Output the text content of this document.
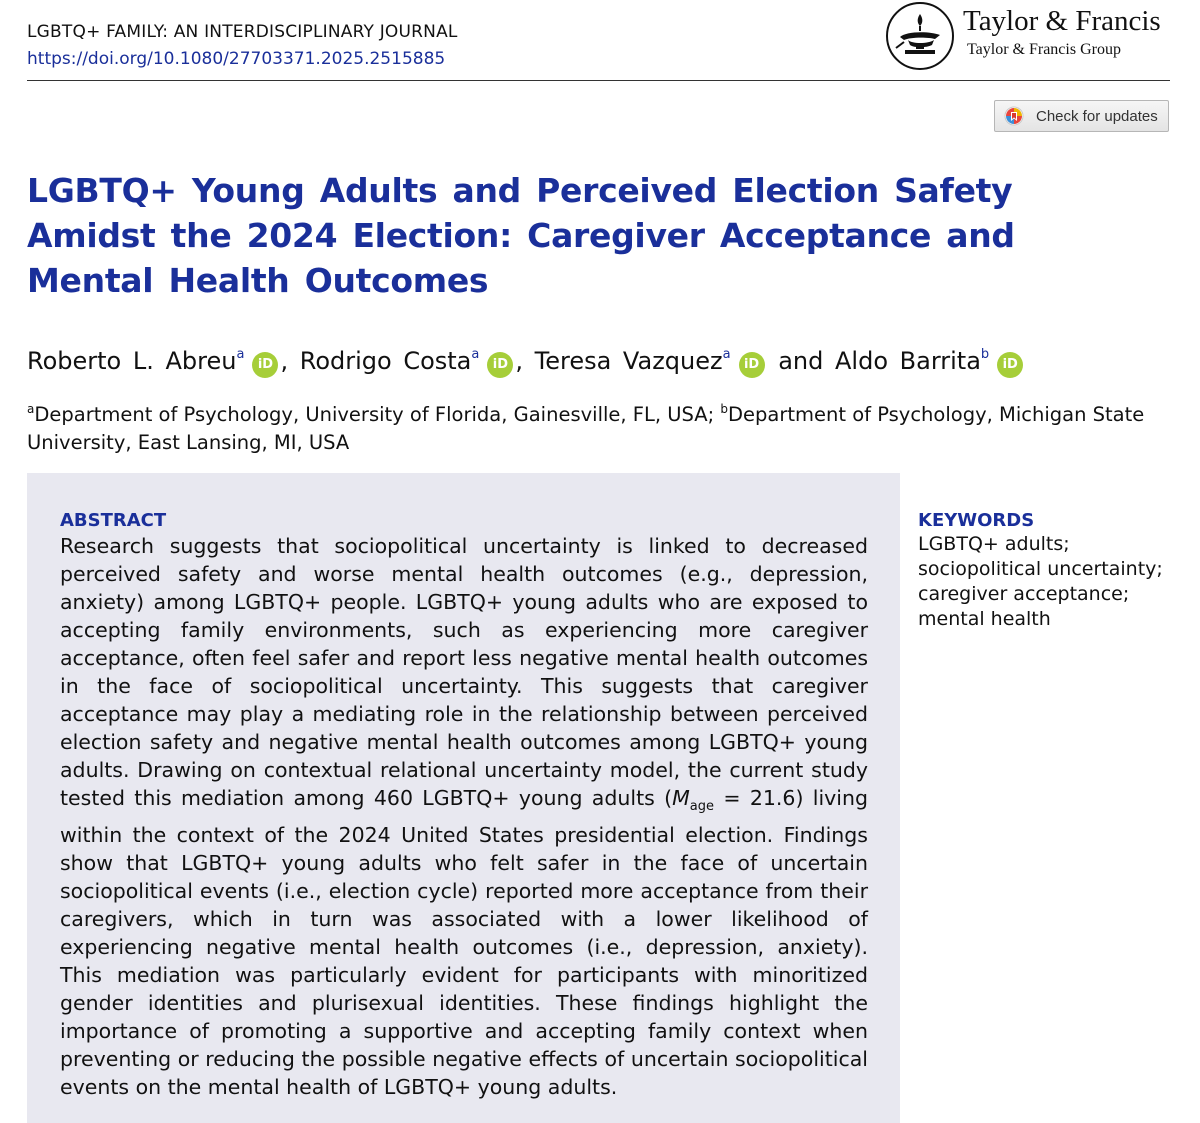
LGBTQ+ FAMILY: AN INTERDISCIPLINARY JOURNAL
https://doi.org/10.1080/27703371.2025.2515885
Taylor & Francis
Taylor & Francis Group
Check for updates
LGBTQ+ Young Adults and Perceived Election Safety Amidst the 2024 Election: Caregiver Acceptance and Mental Health Outcomes
Roberto L. Abreu$^a$iD , Rodrigo Costa$^a$iD , Teresa Vazquez$^a$iD and Aldo Barrita$^b$iD
$^a$Department of Psychology, University of Florida, Gainesville, FL, USA; $^b$Department of Psychology, Michigan State University, East Lansing, MI, USA
ABSTRACT

Research suggests that sociopolitical uncertainty is linked to decreased perceived safety and worse mental health outcomes (e.g., depression, anxiety) among LGBTQ+ people. LGBTQ+ young adults who are exposed to accepting family environments, such as experiencing more caregiver acceptance, often feel safer and report less negative mental health outcomes in the face of sociopolitical uncertainty. This suggests that caregiver acceptance may play a mediating role in the relationship between perceived election safety and negative mental health outcomes among LGBTQ+ young adults. Drawing on contextual relational uncertainty model, the current study tested this mediation among 460 LGBTQ+ young adults $(M_{age} = 21.6)$ living within the context of the 2024 United States presidential election. Findings show that LGBTQ+ young adults who felt safer in the face of uncertain sociopolitical events (i.e., election cycle) reported more acceptance from their caregivers, which in turn was associated with a lower likelihood of experiencing negative mental health outcomes (i.e., depression, anxiety). This mediation was particularly evident for participants with minoritized gender identities and plurisexual identities. These findings highlight the importance of promoting a supportive and accepting family context when preventing or reducing the possible negative effects of uncertain sociopolitical events on the mental health of LGBTQ+ young adults.

KEYWORDS
LGBTQ+ adults;
sociopolitical uncertainty;
caregiver acceptance;
mental health
